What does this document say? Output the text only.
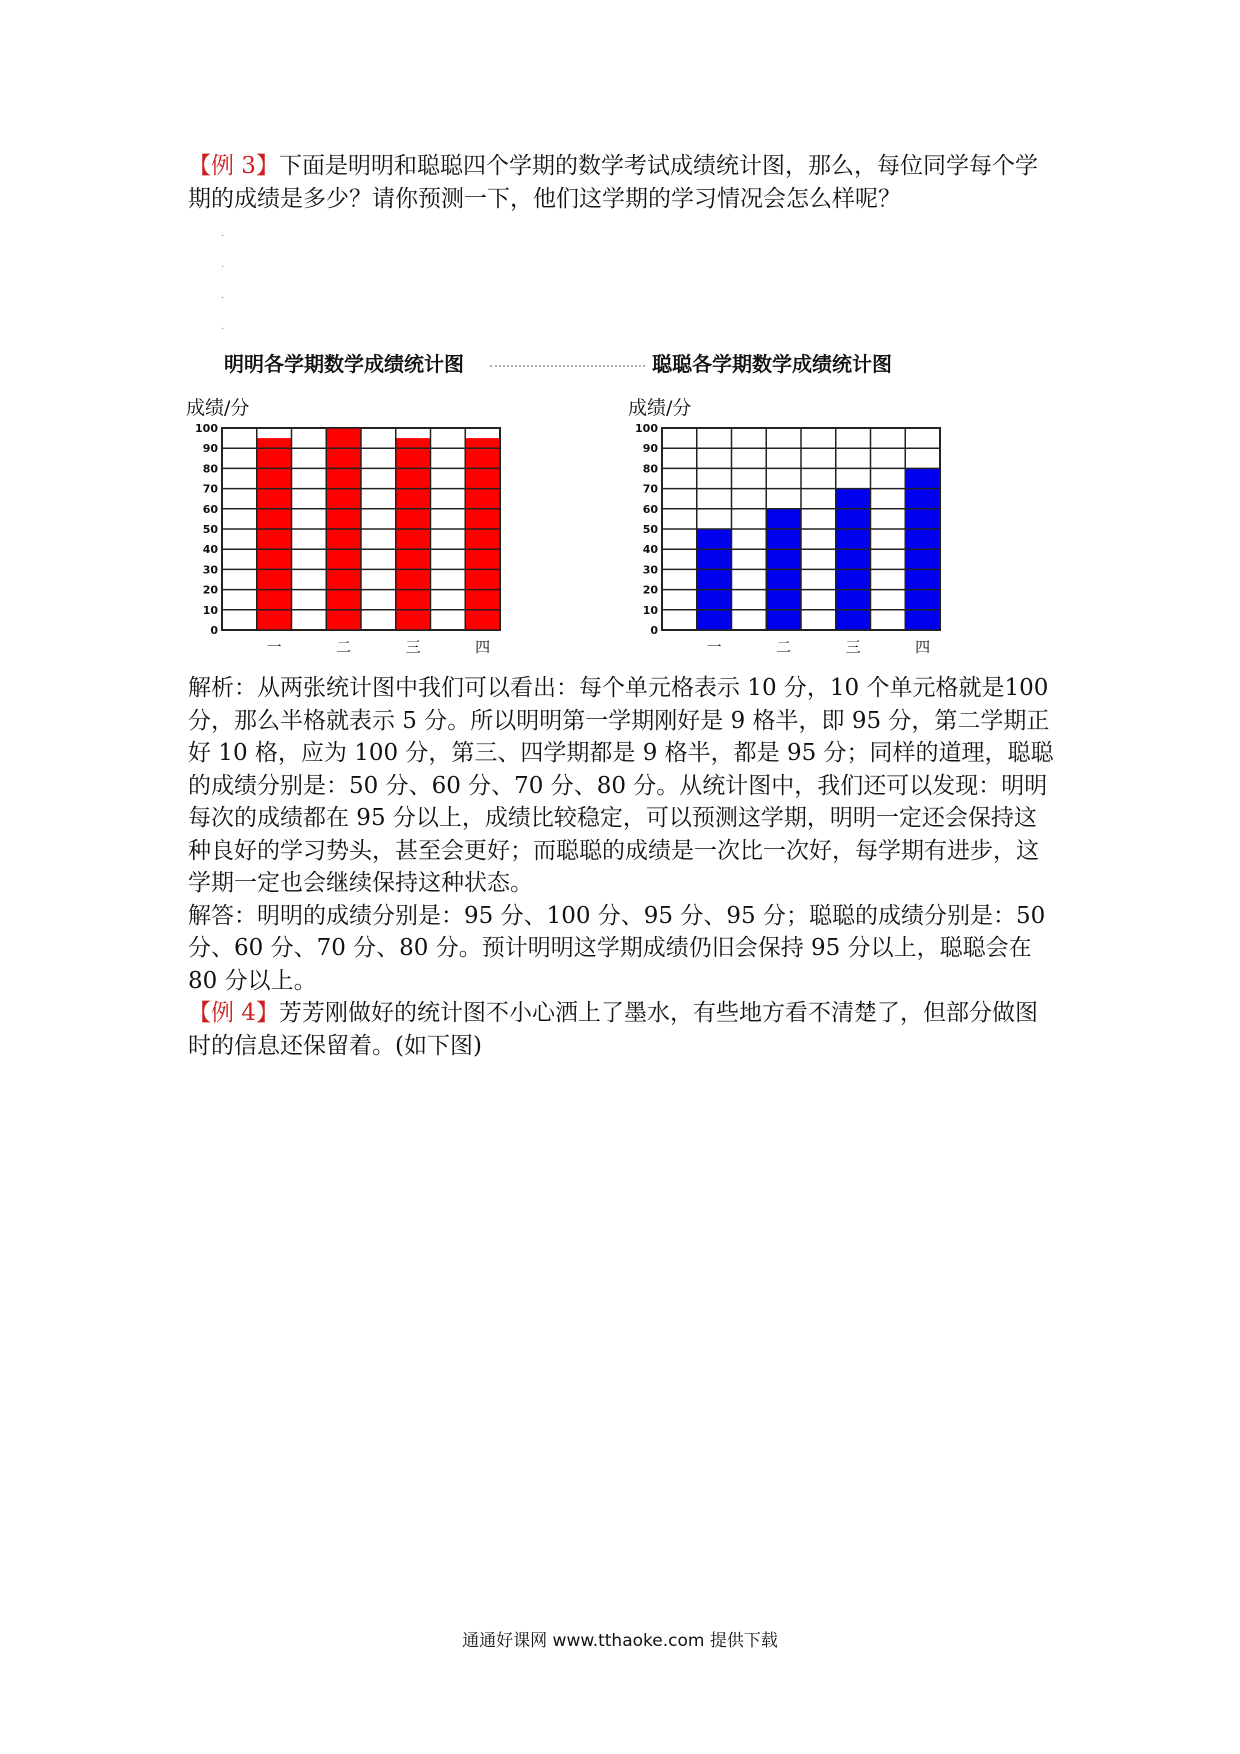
【例 3】下面是明明和聪聪四个学期的数学考试成绩统计图，那么，每位同学每个学期的成绩是多少？请你预测一下，他们这学期的学习情况会怎么样呢？

·
·
·
·
明明各学期数学成绩统计图	聪聪各学期数学成绩统计图
成绩/分	成绩/分
0
10
20
30
40
50
60
70
80
90
100
一	二	三	四
0
10
20
30
40
50
60
70
80
90
100
一	二	三	四

解析：从两张统计图中我们可以看出：每个单元格表示 10 分，10 个单元格就是100 分，那么半格就表示 5 分。所以明明第一学期刚好是 9 格半，即 95 分，第二学期正好 10 格，应为 100 分，第三、四学期都是 9 格半，都是 95 分；同样的道理，聪聪的成绩分别是：50 分、60 分、70 分、80 分。从统计图中，我们还可以发现：明明每次的成绩都在 95 分以上，成绩比较稳定，可以预测这学期，明明一定还会保持这种良好的学习势头，甚至会更好；而聪聪的成绩是一次比一次好，每学期有进步，这学期一定也会继续保持这种状态。

解答：明明的成绩分别是：95 分、100 分、95 分、95 分；聪聪的成绩分别是：50 分、60 分、70 分、80 分。预计明明这学期成绩仍旧会保持 95 分以上，聪聪会在 80 分以上。

【例 4】芳芳刚做好的统计图不小心洒上了墨水，有些地方看不清楚了，但部分做图时的信息还保留着。(如下图)

通通好课网 www.tthaoke.com 提供下载
